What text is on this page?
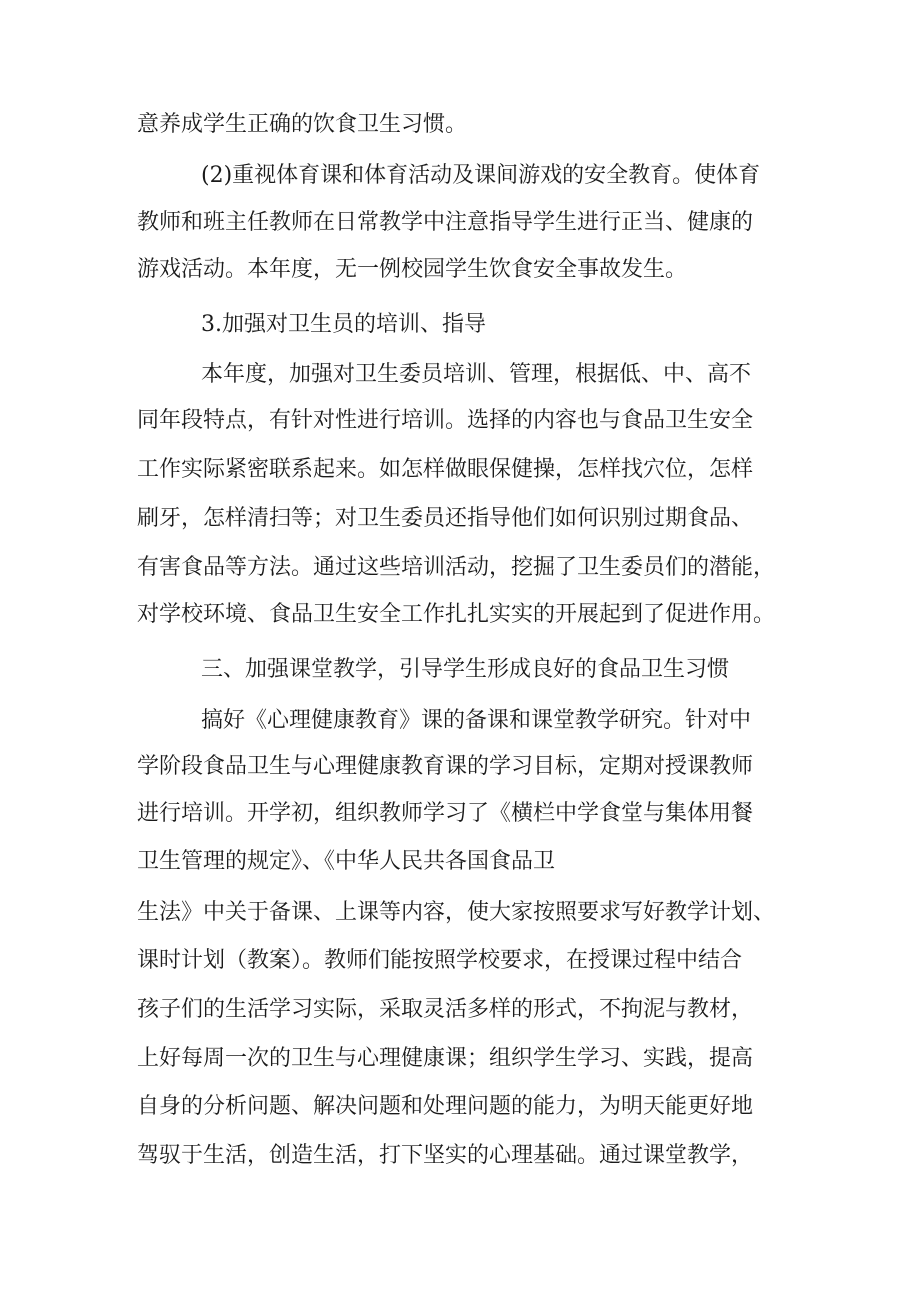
意养成学生正确的饮食卫生习惯。
(2)重视体育课和体育活动及课间游戏的安全教育。使体育
教师和班主任教师在日常教学中注意指导学生进行正当、健康的
游戏活动。本年度，无一例校园学生饮食安全事故发生。
3.加强对卫生员的培训、指导
本年度，加强对卫生委员培训、管理，根据低、中、高不
同年段特点，有针对性进行培训。选择的内容也与食品卫生安全
工作实际紧密联系起来。如怎样做眼保健操，怎样找穴位，怎样
刷牙，怎样清扫等；对卫生委员还指导他们如何识别过期食品、
有害食品等方法。通过这些培训活动，挖掘了卫生委员们的潜能，
对学校环境、食品卫生安全工作扎扎实实的开展起到了促进作用。
三、加强课堂教学，引导学生形成良好的食品卫生习惯
搞好《心理健康教育》课的备课和课堂教学研究。针对中
学阶段食品卫生与心理健康教育课的学习目标，定期对授课教师
进行培训。开学初，组织教师学习了《横栏中学食堂与集体用餐
卫生管理的规定》、《中华人民共各国食品卫
生法》中关于备课、上课等内容，使大家按照要求写好教学计划、
课时计划（教案）。教师们能按照学校要求，在授课过程中结合
孩子们的生活学习实际，采取灵活多样的形式，不拘泥与教材，
上好每周一次的卫生与心理健康课；组织学生学习、实践，提高
自身的分析问题、解决问题和处理问题的能力，为明天能更好地
驾驭于生活，创造生活，打下坚实的心理基础。通过课堂教学，
